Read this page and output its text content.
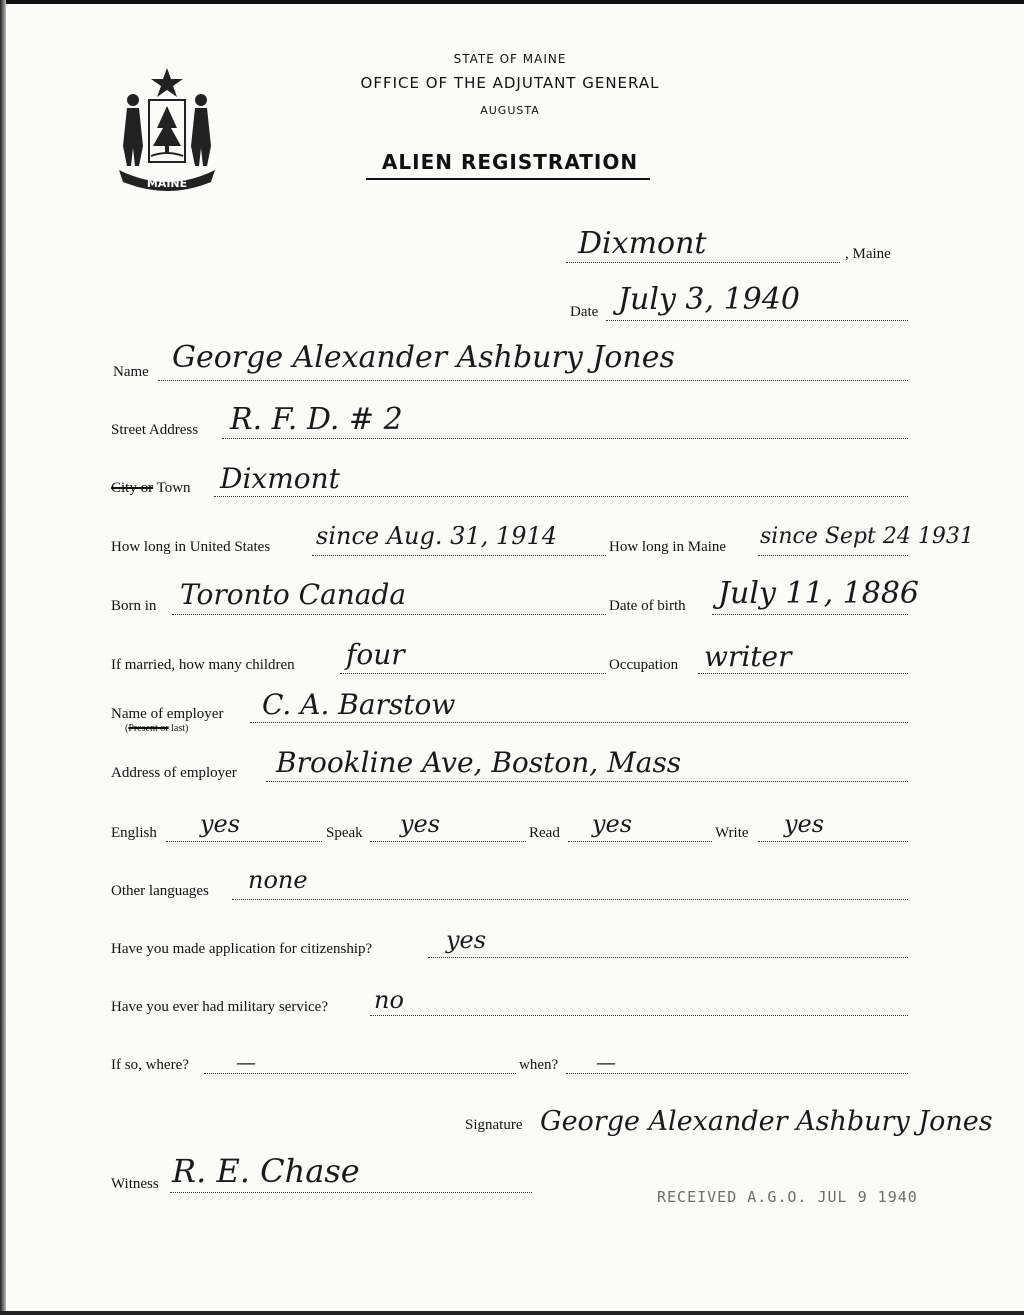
MAINE
STATE OF MAINE
OFFICE OF THE ADJUTANT GENERAL
AUGUSTA
ALIEN REGISTRATION
Dixmont	, Maine
Date July 3, 1940
Name George Alexander Ashbury Jones
Street Address R. F. D. # 2
City or Town Dixmont
How long in United States since Aug. 31, 1914	How long in Maine since Sept 24 1931
Born in Toronto Canada	Date of birth July 11, 1886
If married, how many children four	Occupation writer
Name of employer
(Present or last)
C. A. Barstow
Address of employer Brookline Ave, Boston, Mass
English yes	Speak yes	Read yes	Write yes
Other languages none
Have you made application for citizenship?	yes
Have you ever had military service? no
If so, where? —	when? —
Signature George Alexander Ashbury Jones
Witness R. E. Chase
RECEIVED A.G.O. JUL 9 1940
